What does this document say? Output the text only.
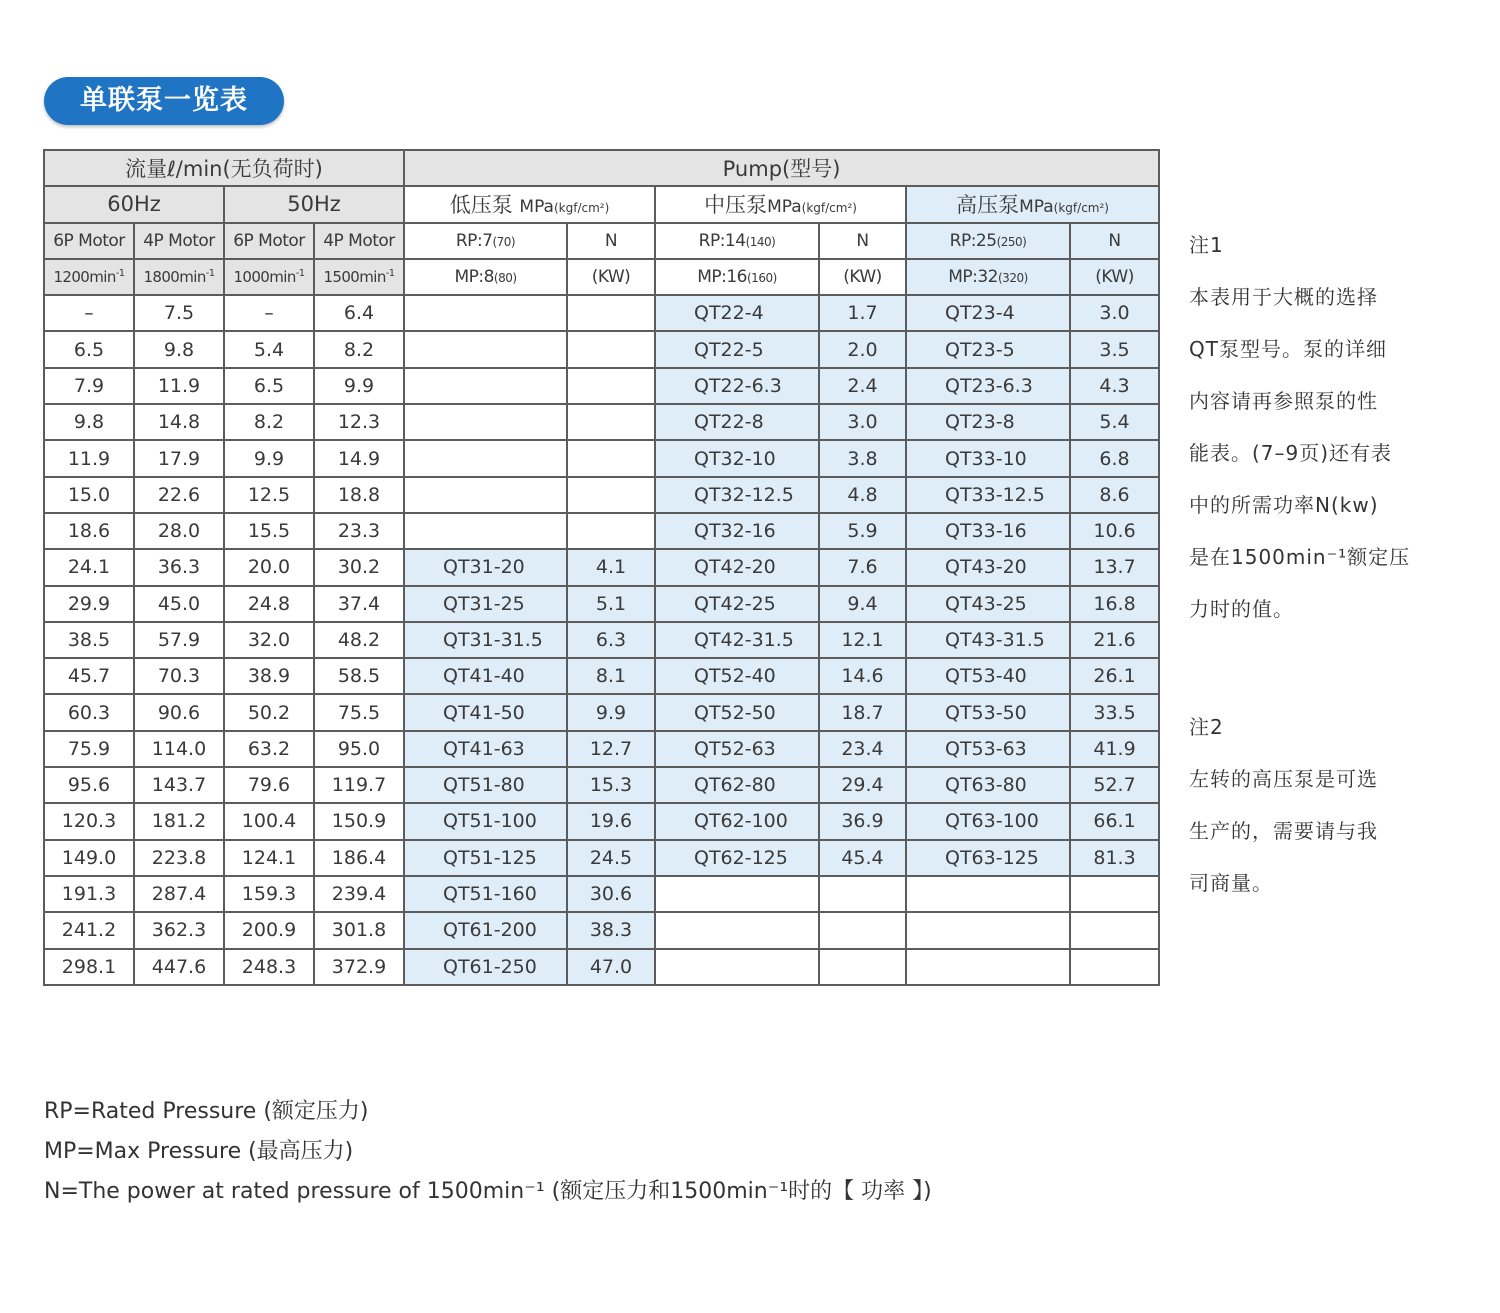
单联泵一览表
流量ℓ/min(无负荷时)				Pump(型号)					
60Hz		50Hz		低压泵 MPa(kgf/cm²)		中压泵MPa(kgf/cm²)		高压泵MPa(kgf/cm²)	
6P Motor	4P Motor	6P Motor	4P Motor	RP:7(70)	N	RP:14(140)	N	RP:25(250)	N
$1200\min^{-1}$	$1800\min^{-1}$	$1000\min^{-1}$	$1500\min^{-1}$	MP:8(80)	(KW)	MP:16(160)	(KW)	MP:32(320)	(KW)
–	7.5	–	6.4			QT22-4	1.7	QT23-4	3.0
6.5	9.8	5.4	8.2			QT22-5	2.0	QT23-5	3.5
7.9	11.9	6.5	9.9			QT22-6.3	2.4	QT23-6.3	4.3
9.8	14.8	8.2	12.3			QT22-8	3.0	QT23-8	5.4
11.9	17.9	9.9	14.9			QT32-10	3.8	QT33-10	6.8
15.0	22.6	12.5	18.8			QT32-12.5	4.8	QT33-12.5	8.6
18.6	28.0	15.5	23.3			QT32-16	5.9	QT33-16	10.6
24.1	36.3	20.0	30.2	QT31-20	4.1	QT42-20	7.6	QT43-20	13.7
29.9	45.0	24.8	37.4	QT31-25	5.1	QT42-25	9.4	QT43-25	16.8
38.5	57.9	32.0	48.2	QT31-31.5	6.3	QT42-31.5	12.1	QT43-31.5	21.6
45.7	70.3	38.9	58.5	QT41-40	8.1	QT52-40	14.6	QT53-40	26.1
60.3	90.6	50.2	75.5	QT41-50	9.9	QT52-50	18.7	QT53-50	33.5
75.9	114.0	63.2	95.0	QT41-63	12.7	QT52-63	23.4	QT53-63	41.9
95.6	143.7	79.6	119.7	QT51-80	15.3	QT62-80	29.4	QT63-80	52.7
120.3	181.2	100.4	150.9	QT51-100	19.6	QT62-100	36.9	QT63-100	66.1
149.0	223.8	124.1	186.4	QT51-125	24.5	QT62-125	45.4	QT63-125	81.3
191.3	287.4	159.3	239.4	QT51-160	30.6				
241.2	362.3	200.9	301.8	QT61-200	38.3				
298.1	447.6	248.3	372.9	QT61-250	47.0				

注1

本表用于大概的选择

QT泵型号。泵的详细

内容请再参照泵的性

能表。(7–9页)还有表

中的所需功率N(kw)

是在1500min⁻¹额定压

力时的值。

注2

左转的高压泵是可选

生产的，需要请与我

司商量。

RP=Rated Pressure (额定压力)
MP=Max Pressure (最高压力)
N=The power at rated pressure of 1500min⁻¹ (额定压力和1500min⁻¹时的【 功率 】)
